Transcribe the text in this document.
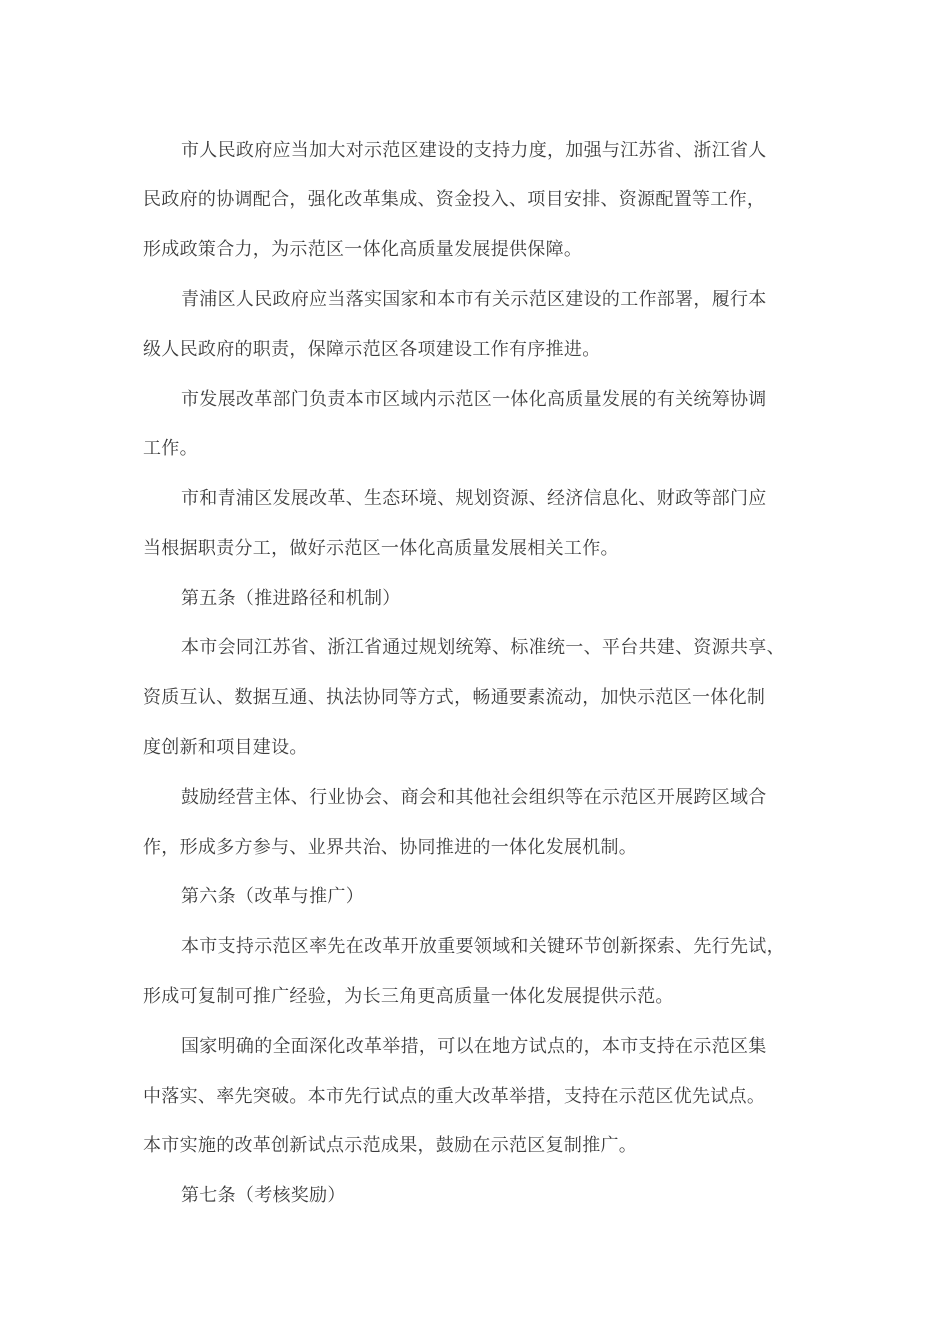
市人民政府应当加大对示范区建设的支持力度，加强与江苏省、浙江省人
民政府的协调配合，强化改革集成、资金投入、项目安排、资源配置等工作，
形成政策合力，为示范区一体化高质量发展提供保障。
青浦区人民政府应当落实国家和本市有关示范区建设的工作部署，履行本
级人民政府的职责，保障示范区各项建设工作有序推进。
市发展改革部门负责本市区域内示范区一体化高质量发展的有关统筹协调
工作。
市和青浦区发展改革、生态环境、规划资源、经济信息化、财政等部门应
当根据职责分工，做好示范区一体化高质量发展相关工作。
第五条（推进路径和机制）
本市会同江苏省、浙江省通过规划统筹、标准统一、平台共建、资源共享、
资质互认、数据互通、执法协同等方式，畅通要素流动，加快示范区一体化制
度创新和项目建设。
鼓励经营主体、行业协会、商会和其他社会组织等在示范区开展跨区域合
作，形成多方参与、业界共治、协同推进的一体化发展机制。
第六条（改革与推广）
本市支持示范区率先在改革开放重要领域和关键环节创新探索、先行先试，
形成可复制可推广经验，为长三角更高质量一体化发展提供示范。
国家明确的全面深化改革举措，可以在地方试点的，本市支持在示范区集
中落实、率先突破。本市先行试点的重大改革举措，支持在示范区优先试点。
本市实施的改革创新试点示范成果，鼓励在示范区复制推广。
第七条（考核奖励）
